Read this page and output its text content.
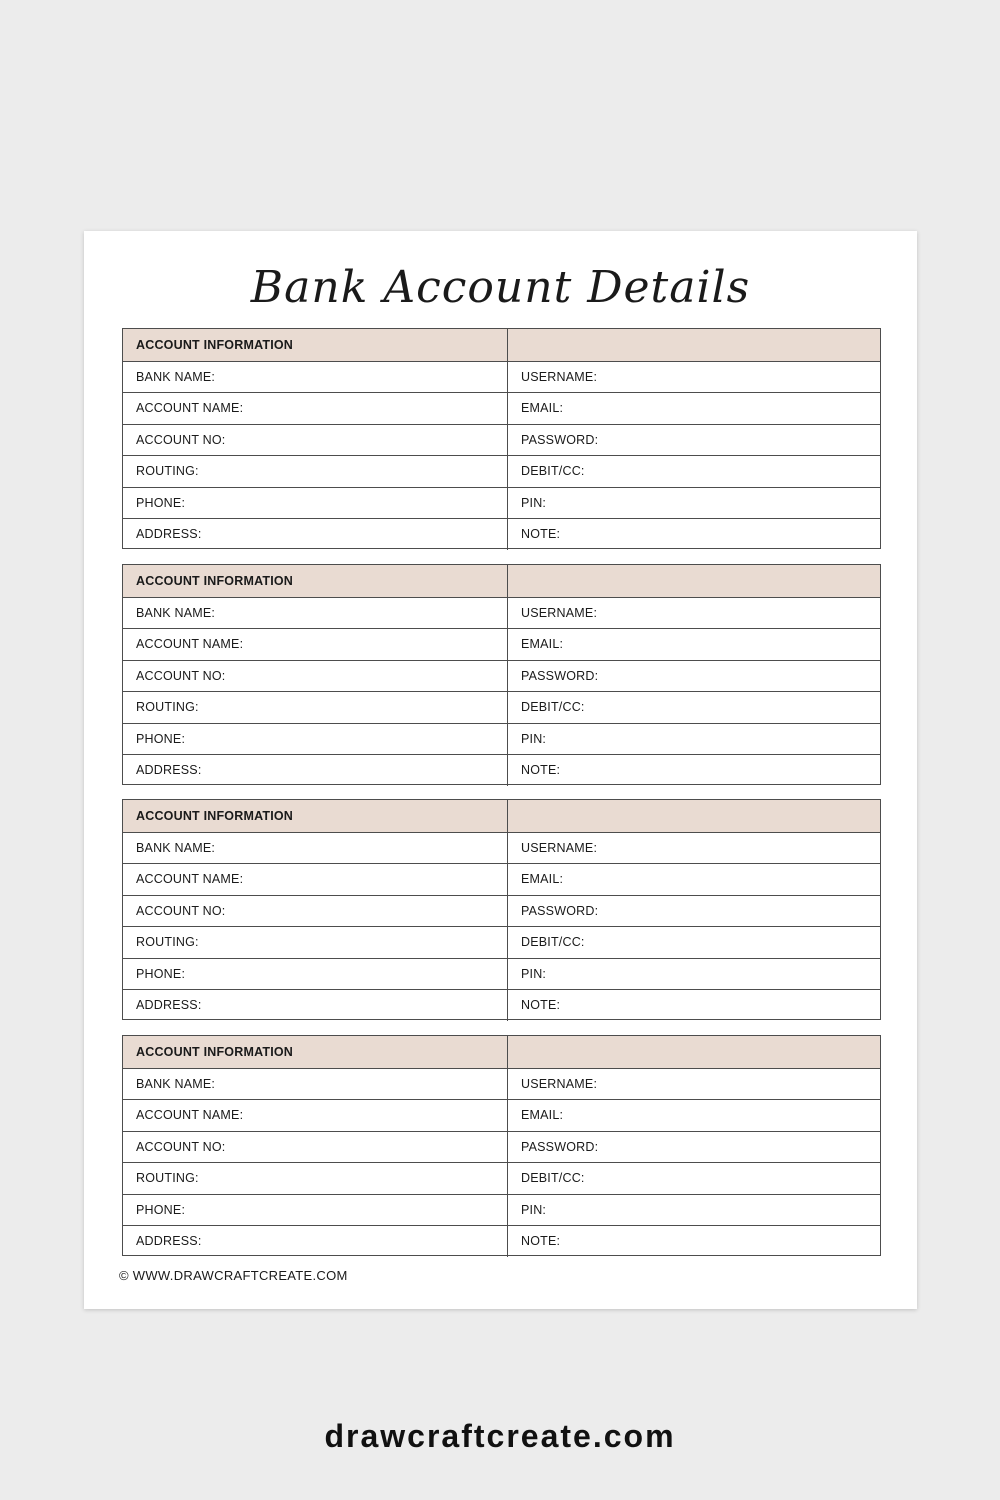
Bank Account Details
ACCOUNT INFORMATION
BANK NAME:	USERNAME:
ACCOUNT NAME:	EMAIL:
ACCOUNT NO:	PASSWORD:
ROUTING:	DEBIT/CC:
PHONE:	PIN:
ADDRESS:	NOTE:
ACCOUNT INFORMATION
BANK NAME:	USERNAME:
ACCOUNT NAME:	EMAIL:
ACCOUNT NO:	PASSWORD:
ROUTING:	DEBIT/CC:
PHONE:	PIN:
ADDRESS:	NOTE:
ACCOUNT INFORMATION
BANK NAME:	USERNAME:
ACCOUNT NAME:	EMAIL:
ACCOUNT NO:	PASSWORD:
ROUTING:	DEBIT/CC:
PHONE:	PIN:
ADDRESS:	NOTE:
ACCOUNT INFORMATION
BANK NAME:	USERNAME:
ACCOUNT NAME:	EMAIL:
ACCOUNT NO:	PASSWORD:
ROUTING:	DEBIT/CC:
PHONE:	PIN:
ADDRESS:	NOTE:
© WWW.DRAWCRAFTCREATE.COM
drawcraftcreate.com
